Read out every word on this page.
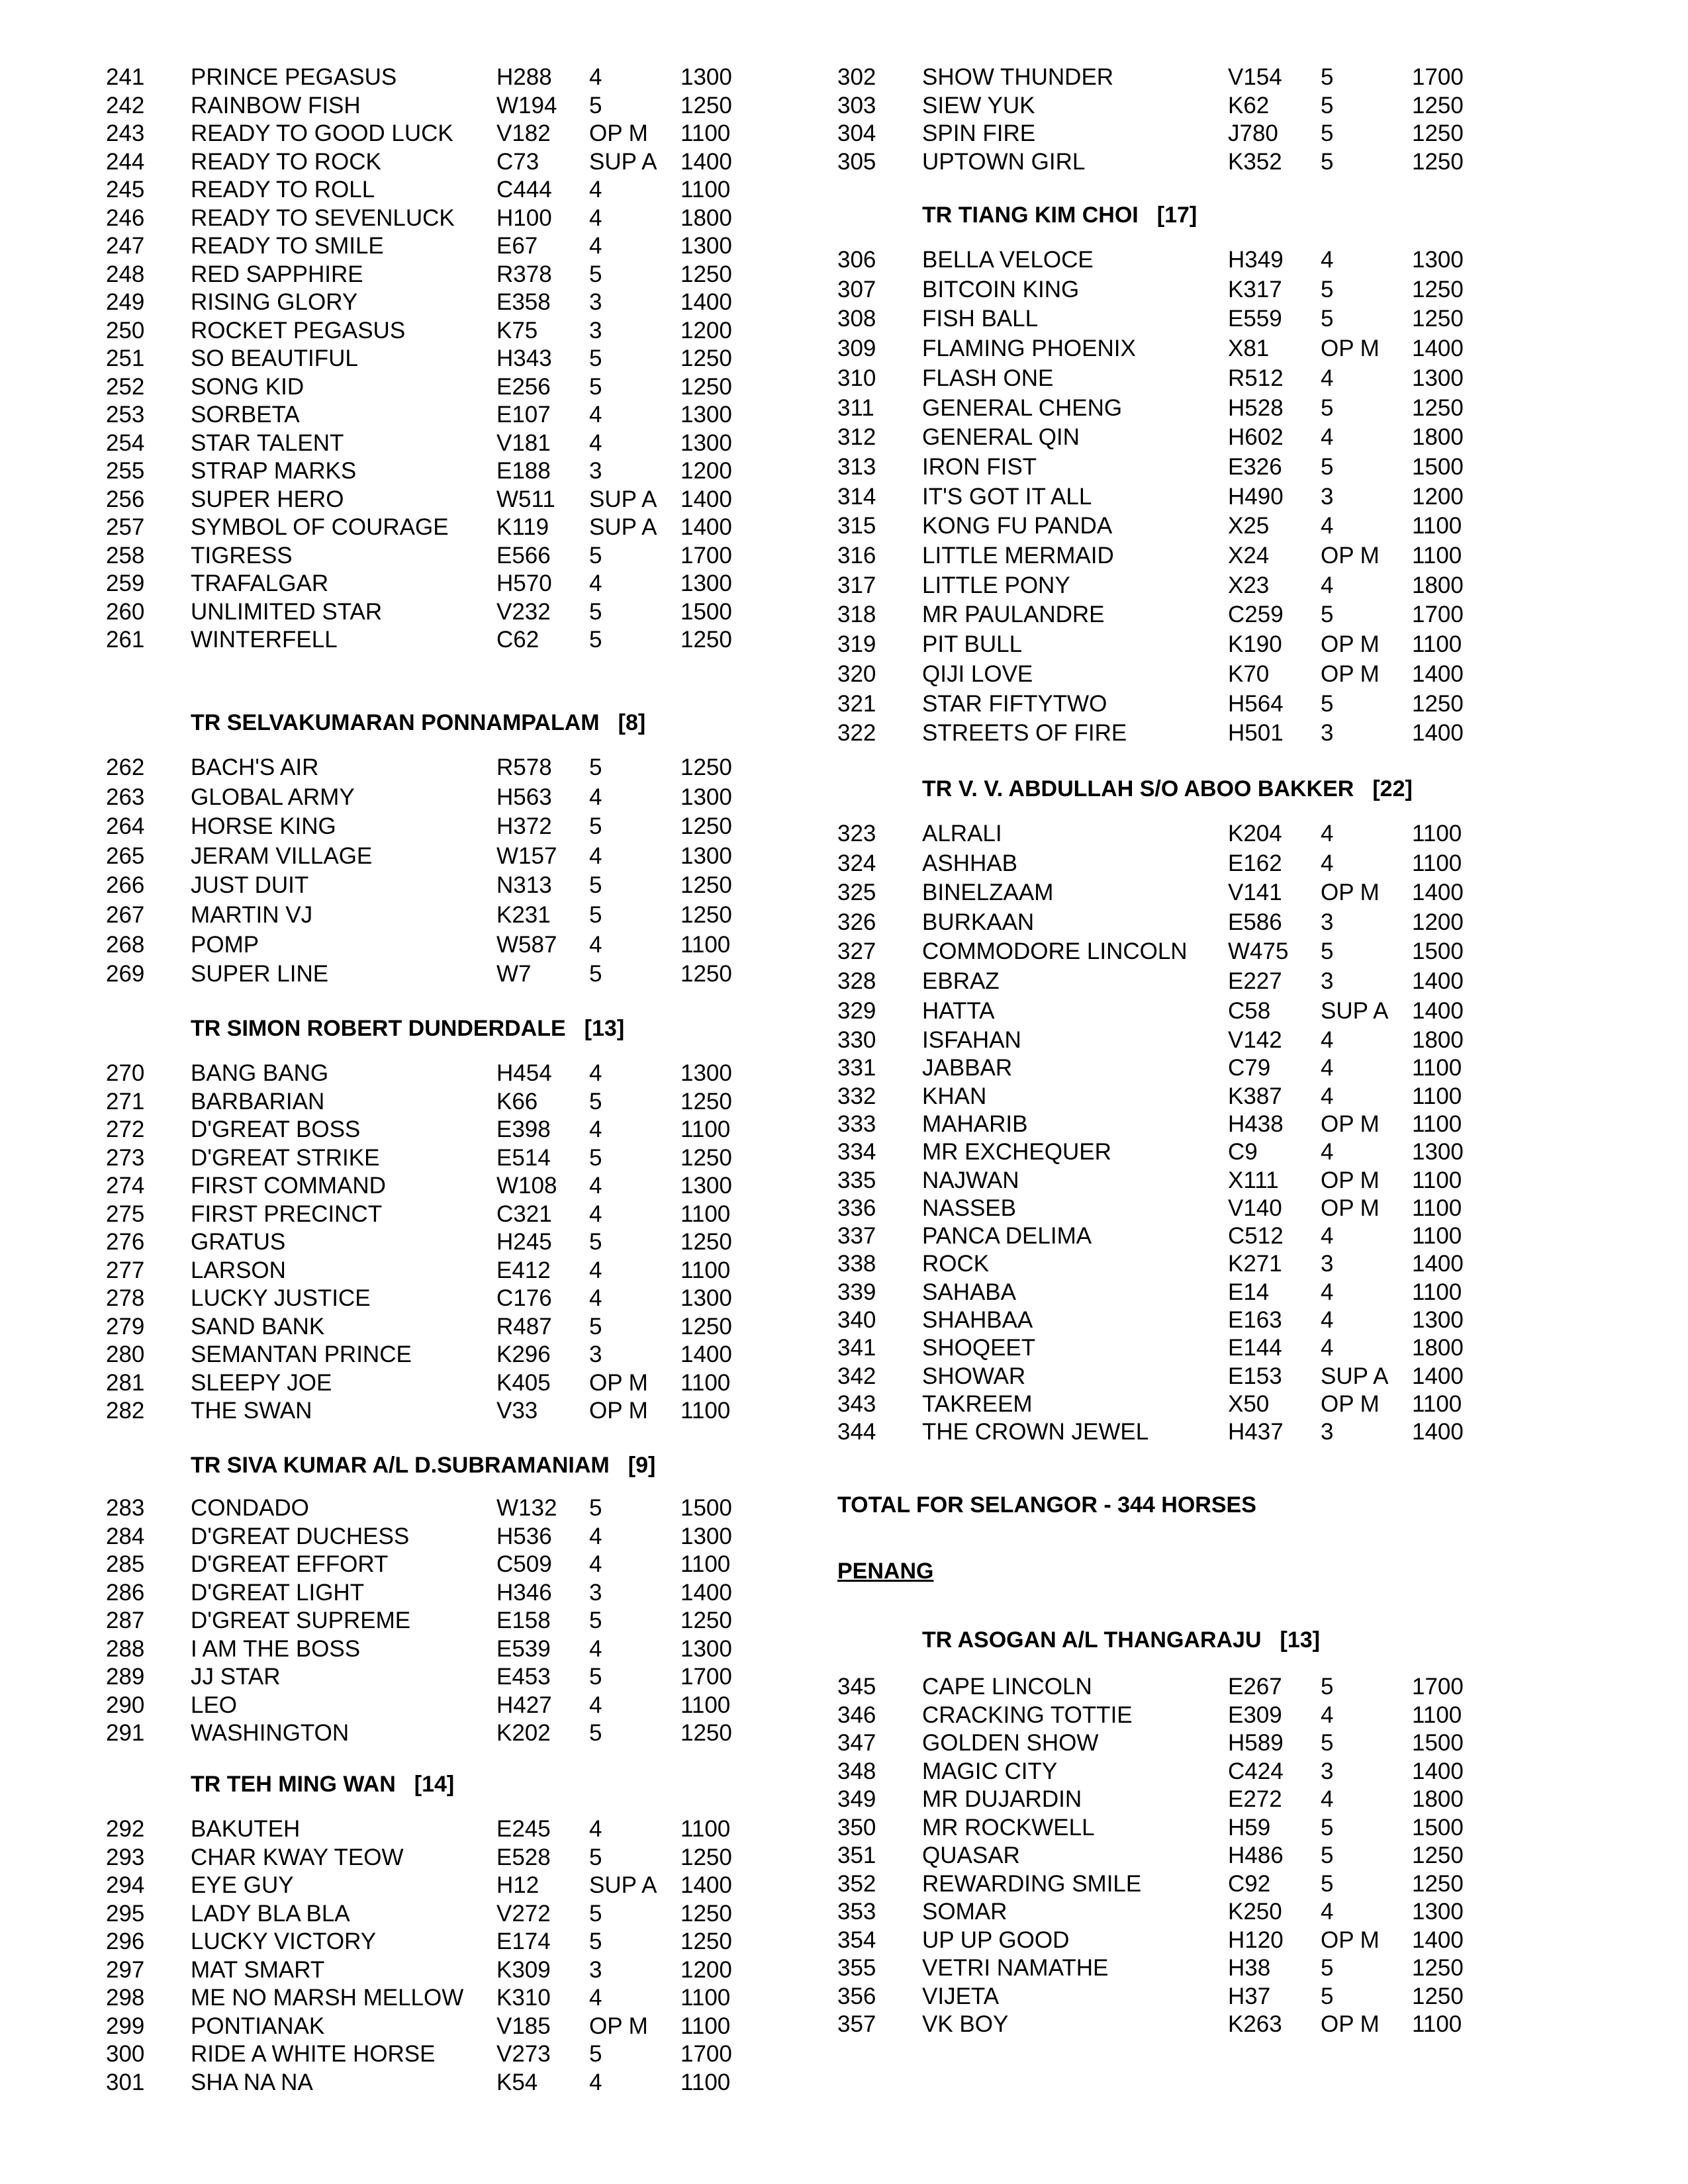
241 PRINCE PEGASUS	H288 4	1300
242 RAINBOW FISH	W194 5	1250
243 READY TO GOOD LUCK V182 OP M 1100
244 READY TO ROCK	C73 SUP A 1400
245 READY TO ROLL	C444 4	1100
246 READY TO SEVENLUCK H100 4	1800
247 READY TO SMILE	E67 4	1300
248 RED SAPPHIRE	R378 5	1250
249 RISING GLORY	E358 3	1400
250 ROCKET PEGASUS	K75 3	1200
251 SO BEAUTIFUL	H343 5	1250
252 SONG KID	E256 5	1250
253 SORBETA	E107 4	1300
254 STAR TALENT	V181 4	1300
255 STRAP MARKS	E188 3	1200
256 SUPER HERO	W511 SUP A 1400
257 SYMBOL OF COURAGE K119 SUP A 1400
258 TIGRESS	E566 5	1700
259 TRAFALGAR	H570 4	1300
260 UNLIMITED STAR	V232 5	1500
261 WINTERFELL	C62 5	1250
TR SELVAKUMARAN PONNAMPALAM [8]
262 BACH'S AIR	R578 5	1250
263 GLOBAL ARMY	H563 4	1300
264 HORSE KING	H372 5	1250
265 JERAM VILLAGE	W157 4	1300
266 JUST DUIT	N313 5	1250
267 MARTIN VJ	K231 5	1250
268 POMP	W587 4	1100
269 SUPER LINE	W7	5	1250
TR SIMON ROBERT DUNDERDALE [13]
270 BANG BANG	H454 4	1300
271 BARBARIAN	K66 5	1250
272 D'GREAT BOSS	E398 4	1100
273 D'GREAT STRIKE	E514 5	1250
274 FIRST COMMAND	W108 4	1300
275 FIRST PRECINCT	C321 4	1100
276 GRATUS	H245 5	1250
277 LARSON	E412 4	1100
278 LUCKY JUSTICE	C176 4	1300
279 SAND BANK	R487 5	1250
280 SEMANTAN PRINCE	K296 3	1400
281 SLEEPY JOE	K405 OP M 1100
282 THE SWAN	V33 OP M 1100
TR SIVA KUMAR A/L D.SUBRAMANIAM [9]
283 CONDADO	W132 5	1500
284 D'GREAT DUCHESS	H536 4	1300
285 D'GREAT EFFORT	C509 4	1100
286 D'GREAT LIGHT	H346 3	1400
287 D'GREAT SUPREME	E158 5	1250
288 I AM THE BOSS	E539 4	1300
289 JJ STAR	E453 5	1700
290 LEO	H427 4	1100
291 WASHINGTON	K202 5	1250
TR TEH MING WAN [14]
292 BAKUTEH	E245 4	1100
293 CHAR KWAY TEOW	E528 5	1250
294 EYE GUY	H12 SUP A 1400
295 LADY BLA BLA	V272 5	1250
296 LUCKY VICTORY	E174 5	1250
297 MAT SMART	K309 3	1200
298 ME NO MARSH MELLOW K310 4	1100
299 PONTIANAK	V185 OP M 1100
300 RIDE A WHITE HORSE	V273 5	1700
301 SHA NA NA	K54 4	1100
302 SHOW THUNDER	V154 5	1700
303 SIEW YUK	K62 5	1250
304 SPIN FIRE	J780 5	1250
305 UPTOWN GIRL	K352 5	1250
TR TIANG KIM CHOI [17]
306 BELLA VELOCE	H349 4	1300
307 BITCOIN KING	K317 5	1250
308 FISH BALL	E559 5	1250
309 FLAMING PHOENIX	X81 OP M 1400
310 FLASH ONE	R512 4	1300
311 GENERAL CHENG	H528 5	1250
312 GENERAL QIN	H602 4	1800
313 IRON FIST	E326 5	1500
314 IT'S GOT IT ALL	H490 3	1200
315 KONG FU PANDA	X25 4	1100
316 LITTLE MERMAID	X24 OP M 1100
317 LITTLE PONY	X23 4	1800
318 MR PAULANDRE	C259 5	1700
319 PIT BULL	K190 OP M 1100
320 QIJI LOVE	K70 OP M 1400
321 STAR FIFTYTWO	H564 5	1250
322 STREETS OF FIRE	H501 3	1400
TR V. V. ABDULLAH S/O ABOO BAKKER [22]
323 ALRALI	K204 4	1100
324 ASHHAB	E162 4	1100
325 BINELZAAM	V141 OP M 1400
326 BURKAAN	E586 3	1200
327 COMMODORE LINCOLN W475 5	1500
328 EBRAZ	E227 3	1400
329 HATTA	C58 SUP A 1400
330 ISFAHAN	V142 4	1800
331 JABBAR	C79 4	1100
332 KHAN	K387 4	1100
333 MAHARIB	H438 OP M 1100
334 MR EXCHEQUER	C9	4	1300
335 NAJWAN	X111 OP M 1100
336 NASSEB	V140 OP M 1100
337 PANCA DELIMA	C512 4	1100
338 ROCK	K271 3	1400
339 SAHABA	E14 4	1100
340 SHAHBAA	E163 4	1300
341 SHOQEET	E144 4	1800
342 SHOWAR	E153 SUP A 1400
343 TAKREEM	X50 OP M 1100
344 THE CROWN JEWEL	H437 3	1400
TOTAL FOR SELANGOR - 344 HORSES
PENANG
TR ASOGAN A/L THANGARAJU [13]
345 CAPE LINCOLN	E267 5	1700
346 CRACKING TOTTIE	E309 4	1100
347 GOLDEN SHOW	H589 5	1500
348 MAGIC CITY	C424 3	1400
349 MR DUJARDIN	E272 4	1800
350 MR ROCKWELL	H59 5	1500
351 QUASAR	H486 5	1250
352 REWARDING SMILE	C92 5	1250
353 SOMAR	K250 4	1300
354 UP UP GOOD	H120 OP M 1400
355 VETRI NAMATHE	H38 5	1250
356 VIJETA	H37 5	1250
357 VK BOY	K263 OP M 1100
